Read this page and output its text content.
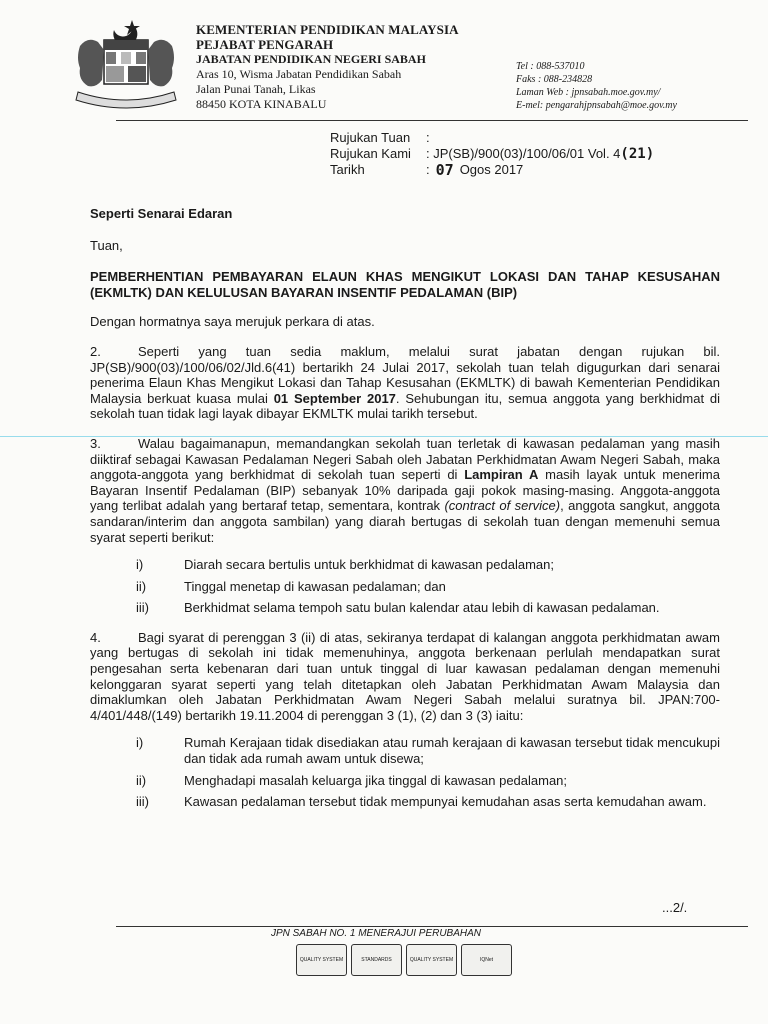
KEMENTERIAN PENDIDIKAN MALAYSIA
PEJABAT PENGARAH
JABATAN PENDIDIKAN NEGERI SABAH
Aras 10, Wisma Jabatan Pendidikan Sabah
Jalan Punai Tanah, Likas
88450 KOTA KINABALU
Tel : 088-537010
Faks : 088-234828
Laman Web : jpnsabah.moe.gov.my/
E-mel: pengarahjpnsabah@moe.gov.my
Rujukan Tuan	:
Rujukan Kami	: JP(SB)/900(03)/100/06/01 Vol. 4 (21)
Tarikh	: 07 Ogos 2017

Seperti Senarai Edaran

Tuan,

PEMBERHENTIAN PEMBAYARAN ELAUN KHAS MENGIKUT LOKASI DAN TAHAP KESUSAHAN (EKMLTK) DAN KELULUSAN BAYARAN INSENTIF PEDALAMAN (BIP)

Dengan hormatnya saya merujuk perkara di atas.

2.	Seperti yang tuan sedia maklum, melalui surat jabatan dengan rujukan bil. JP(SB)/900(03)/100/06/02/Jld.6(41) bertarikh 24 Julai 2017, sekolah tuan telah digugurkan dari senarai penerima Elaun Khas Mengikut Lokasi dan Tahap Kesusahan (EKMLTK) di bawah Kementerian Pendidikan Malaysia berkuat kuasa mulai 01 September 2017. Sehubungan itu, semua anggota yang berkhidmat di sekolah tuan tidak lagi layak dibayar EKMLTK mulai tarikh tersebut.

3.	Walau bagaimanapun, memandangkan sekolah tuan terletak di kawasan pedalaman yang masih diiktiraf sebagai Kawasan Pedalaman Negeri Sabah oleh Jabatan Perkhidmatan Awam Negeri Sabah, maka anggota-anggota yang berkhidmat di sekolah tuan seperti di Lampiran A masih layak untuk menerima Bayaran Insentif Pedalaman (BIP) sebanyak 10% daripada gaji pokok masing-masing. Anggota-anggota yang terlibat adalah yang bertaraf tetap, sementara, kontrak (contract of service), anggota sangkut, anggota sandaran/interim dan anggota sambilan) yang diarah bertugas di sekolah tuan dengan memenuhi semua syarat seperti berikut:

i)	Diarah secara bertulis untuk berkhidmat di kawasan pedalaman;
ii)	Tinggal menetap di kawasan pedalaman; dan
iii)	Berkhidmat selama tempoh satu bulan kalendar atau lebih di kawasan pedalaman.

4.	Bagi syarat di perenggan 3 (ii) di atas, sekiranya terdapat di kalangan anggota perkhidmatan awam yang bertugas di sekolah ini tidak memenuhinya, anggota berkenaan perlulah mendapatkan surat pengesahan serta kebenaran dari tuan untuk tinggal di luar kawasan pedalaman dengan memenuhi kelonggaran syarat seperti yang telah ditetapkan oleh Jabatan Perkhidmatan Awam Malaysia dan dimaklumkan oleh Jabatan Perkhidmatan Awam Negeri Sabah melalui suratnya bil. JPAN:700-4/401/448/(149) bertarikh 19.11.2004 di perenggan 3 (1), (2) dan 3 (3) iaitu:

i)	Rumah Kerajaan tidak disediakan atau rumah kerajaan di kawasan tersebut tidak mencukupi dan tidak ada rumah awam untuk disewa;
ii)	Menghadapi masalah keluarga jika tinggal di kawasan pedalaman;
iii)	Kawasan pedalaman tersebut tidak mempunyai kemudahan asas serta kemudahan awam.
...2/.
JPN SABAH NO. 1 MENERAJUI PERUBAHAN
QUALITY SYSTEM	STANDARDS	QUALITY SYSTEM	IQNet
